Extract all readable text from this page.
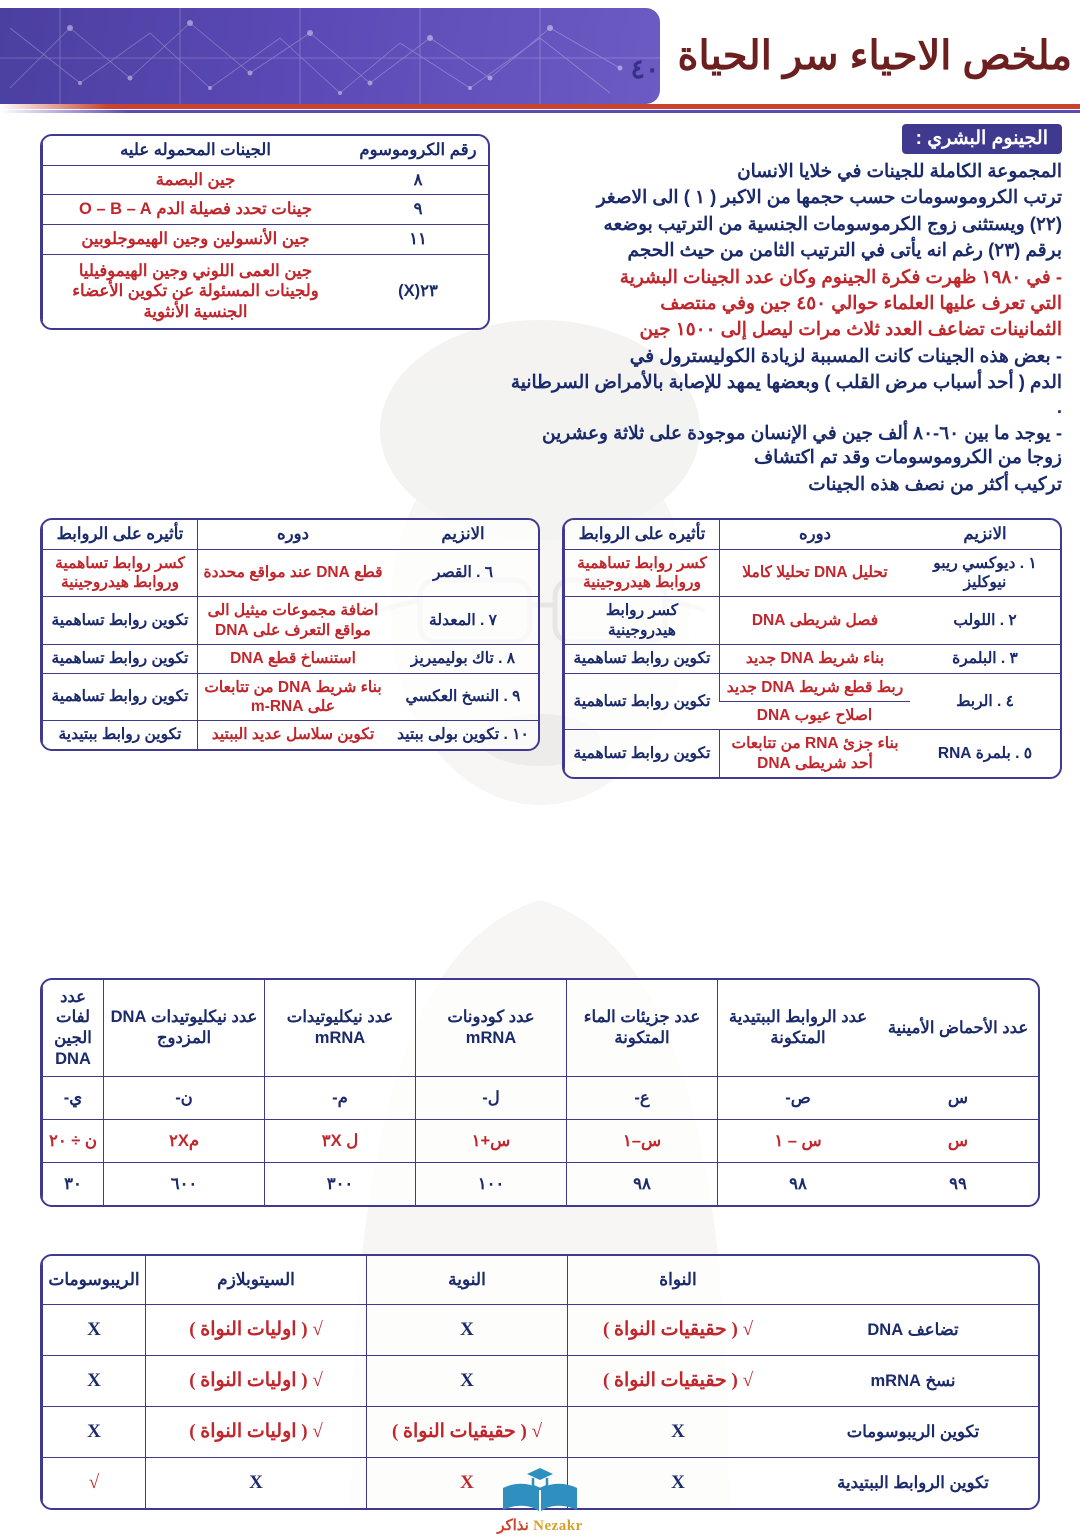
ملخص الاحياء سر الحياة
٤٠
رقم الكروموسوم	الجينات المحموله عليه
٨	جين البصمة
٩	جينات تحدد فصيلة الدم O – B – A
١١	جين الأنسولين وجين الهيموجلوبين
٢٣(X)	جين العمى اللوني وجين الهيموفيليا ولجينات المسئولة عن تكوين الأعضاء الجنسية الأنثوية
الجينوم البشري :

المجموعة الكاملة للجينات في خلايا الانسان

ترتب الكروموسومات حسب حجمها من الاكبر ( ١ ) الى الاصغر

(٢٢) ويستثنى زوج الكرموسومات الجنسية من الترتيب بوضعه

برقم (٢٣) رغم انه يأتى في الترتيب الثامن من حيث الحجم

- في ١٩٨٠ ظهرت فكرة الجينوم وكان عدد الجينات البشرية

التي تعرف عليها العلماء حوالي ٤٥٠ جين وفي منتصف

الثمانينات تضاعف العدد ثلاث مرات ليصل إلى ١٥٠٠ جين

- بعض هذه الجينات كانت المسببة لزيادة الكوليسترول في

الدم ( أحد أسباب مرض القلب ) وبعضها يمهد للإصابة بالأمراض السرطانية .

- يوجد ما بين ٦٠-٨٠ ألف جين في الإنسان موجودة على ثلاثة وعشرين زوجا من الكروموسومات وقد تم اكتشاف

تركيب أكثر من نصف هذه الجينات

الانزيم	دوره	تأثيره على الروابط
١ . ديوكسي ريبو نيوكليز	تحليل DNA تحليلا كاملا	كسر روابط تساهمية وروابط هيدروجينية
٢ . اللولب	فصل شريطى DNA	كسر روابط هيدروجينية
٣ . البلمرة	بناء شريط DNA جديد	تكوين روابط تساهمية
٤ . الربط	ربط قطع شريط DNA جديد	تكوين روابط تساهمية
	اصلاح عيوب DNA	
٥ . بلمرة RNA	بناء جزئ RNA من تتابعات أحد شريطى DNA	تكوين روابط تساهمية
الانزيم	دوره	تأثيره على الروابط
٦ . القصر	قطع DNA عند مواقع محددة	كسر روابط تساهمية وروابط هيدروجينية
٧ . المعدلة	اضافة مجموعات ميثيل الى مواقع التعرف على DNA	تكوين روابط تساهمية
٨ . تاك بوليميريز	استنساخ قطع DNA	تكوين روابط تساهمية
٩ . النسخ العكسي	بناء شريط DNA من تتابعات على m-RNA	تكوين روابط تساهمية
١٠ . تكوين بولى ببتيد	تكوين سلاسل عديد الببتيد	تكوين روابط ببتيدية
عدد الأحماض الأمينية	عدد الروابط الببتيدية المتكونة	عدد جزيئات الماء المتكونة	عدد كودونات mRNA	عدد نيكليوتيدات mRNA	عدد نيكليوتيدات DNA المزدوج	عدد لفات الجين DNA
س	ص-	ع-	ل-	م-	ن-	ي-
س	س – ١	س–١	س+١	ل ٣X	م٢X	ن ÷ ٢٠
٩٩	٩٨	٩٨	١٠٠	٣٠٠	٦٠٠	٣٠
	النواة	النوية	السيتوبلازم	الريبوسومات
تضاعف DNA	√ ( حقيقيات النواة )	X	√ ( اوليات النواة )	X
نسخ mRNA	√ ( حقيقيات النواة )	X	√ ( اوليات النواة )	X
تكوين الريبوسومات	X	√ ( حقيقيات النواة )	√ ( اوليات النواة )	X
تكوين الروابط الببتيدية	X	X	X	√
Nezakr نذاكر
